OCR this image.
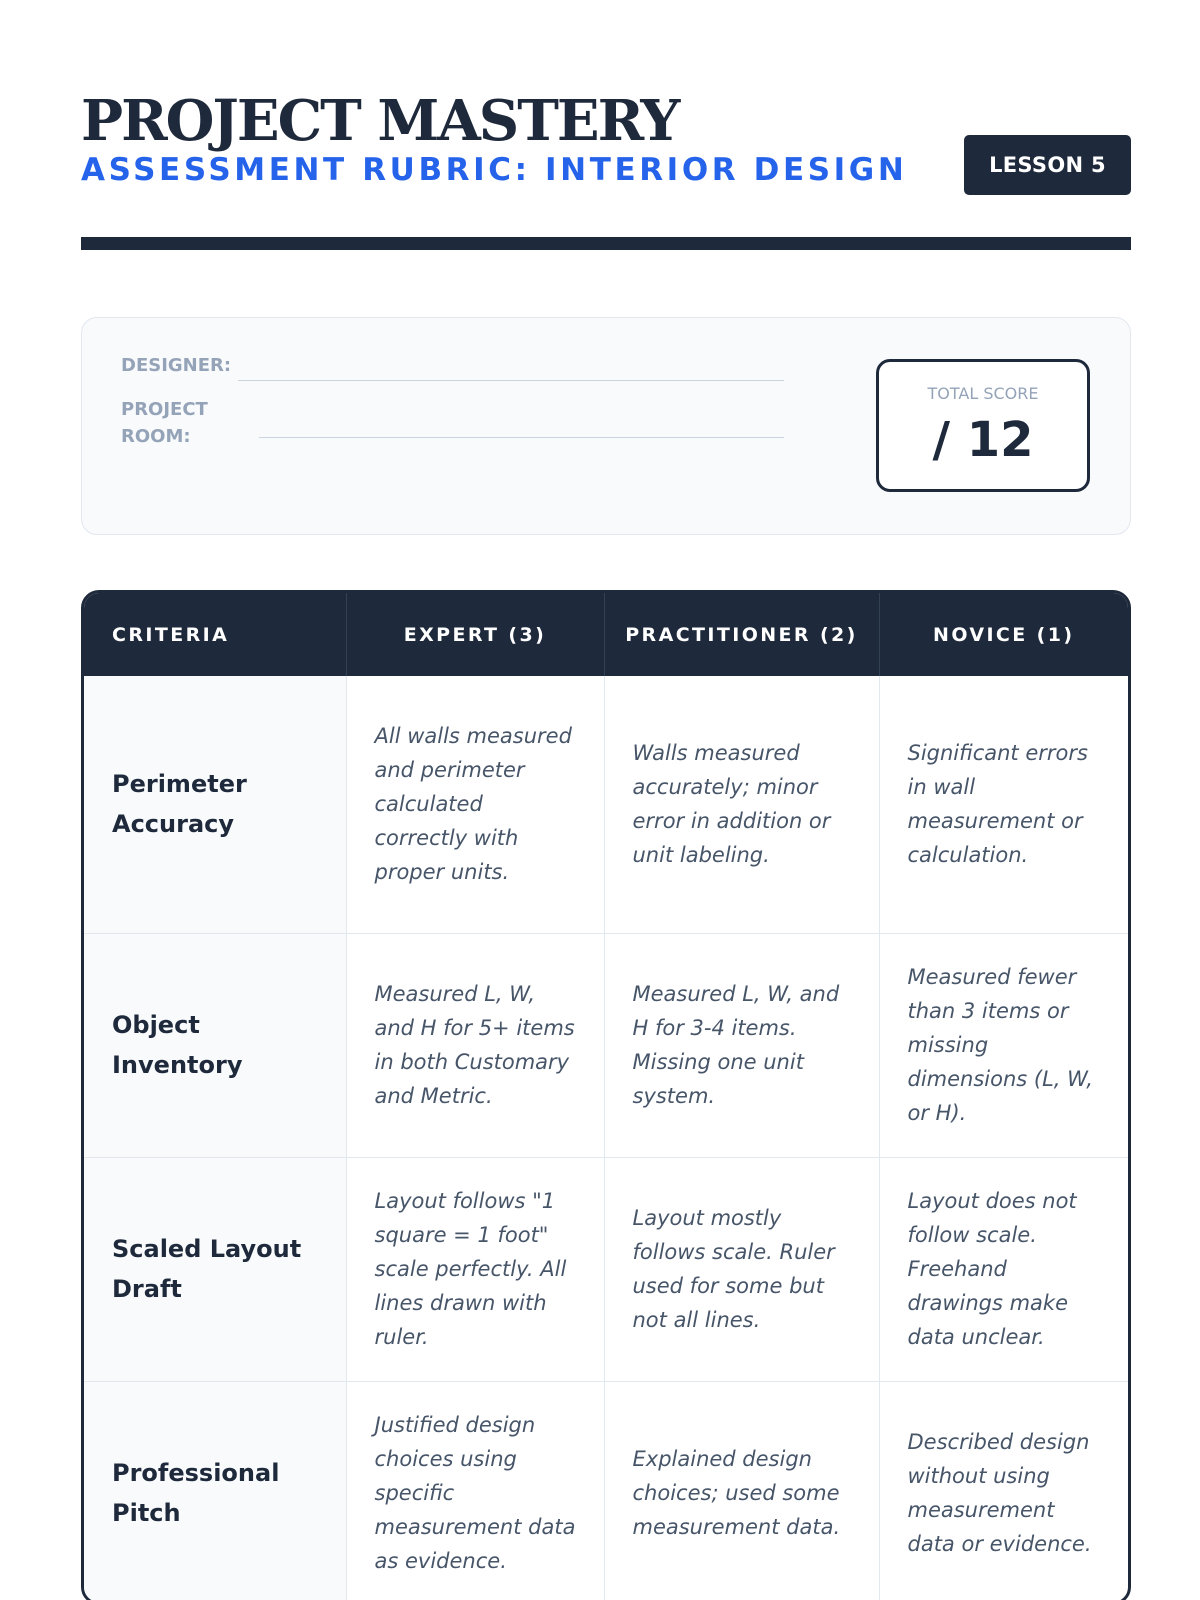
PROJECT MASTERY
ASSESSMENT RUBRIC: INTERIOR DESIGN	LESSON 5
DESIGNER:
PROJECT
ROOM:
TOTAL SCORE
/ 12
CRITERIA	EXPERT (3)	PRACTITIONER (2)	NOVICE (1)
Perimeter Accuracy	All walls measured and perimeter calculated correctly with proper units.	Walls measured accurately; minor error in addition or unit labeling.	Significant errors in wall measurement or calculation.
Object Inventory	Measured L, W, and H for 5+ items in both Customary and Metric.	Measured L, W, and H for 3-4 items. Missing one unit system.	Measured fewer than 3 items or missing dimensions (L, W, or H).
Scaled Layout Draft	Layout follows "1 square = 1 foot" scale perfectly. All lines drawn with ruler.	Layout mostly follows scale. Ruler used for some but not all lines.	Layout does not follow scale. Freehand drawings make data unclear.
Professional Pitch	Justified design choices using specific measurement data as evidence.	Explained design choices; used some measurement data.	Described design without using measurement data or evidence.
